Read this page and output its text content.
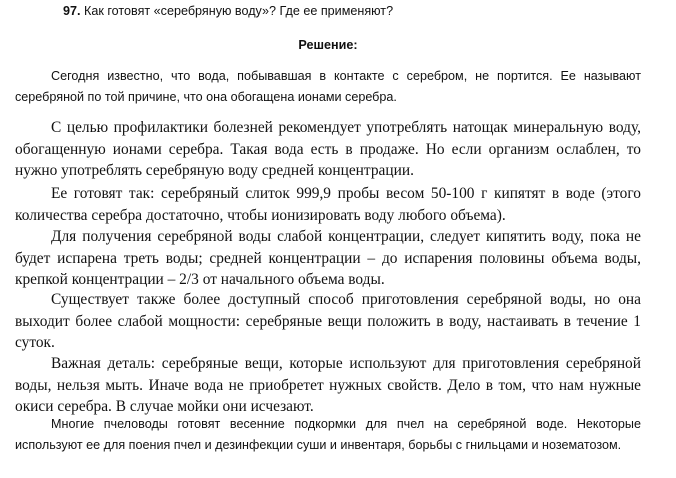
97. Как готовят «серебряную воду»? Где ее применяют?
Решение:

Сегодня известно, что вода, побывавшая в контакте с серебром, не портится. Ее называют серебряной по той причине, что она обогащена ионами серебра.

С целью профилактики болезней рекомендует употреблять натощак минеральную воду, обогащенную ионами серебра. Такая вода есть в продаже. Но если организм ослаблен, то нужно употреблять серебряную воду средней концентрации.

Ее готовят так: серебряный слиток 999,9 пробы весом 50-100 г кипятят в воде (этого количества серебра достаточно, чтобы ионизировать воду любого объема).

Для получения серебряной воды слабой концентрации, следует кипятить воду, пока не будет испарена треть воды; средней концентрации – до испарения половины объема воды, крепкой концентрации – 2/3 от начального объема воды.

Существует также более доступный способ приготовления серебряной воды, но она выходит более слабой мощности: серебряные вещи положить в воду, настаивать в течение 1 суток.

Важная деталь: серебряные вещи, которые используют для приготовления серебряной воды, нельзя мыть. Иначе вода не приобретет нужных свойств. Дело в том, что нам нужные окиси серебра. В случае мойки они исчезают.

Многие пчеловоды готовят весенние подкормки для пчел на серебряной воде. Некоторые используют ее для поения пчел и дезинфекции суши и инвентаря, борьбы с гнильцами и нозематозом.
